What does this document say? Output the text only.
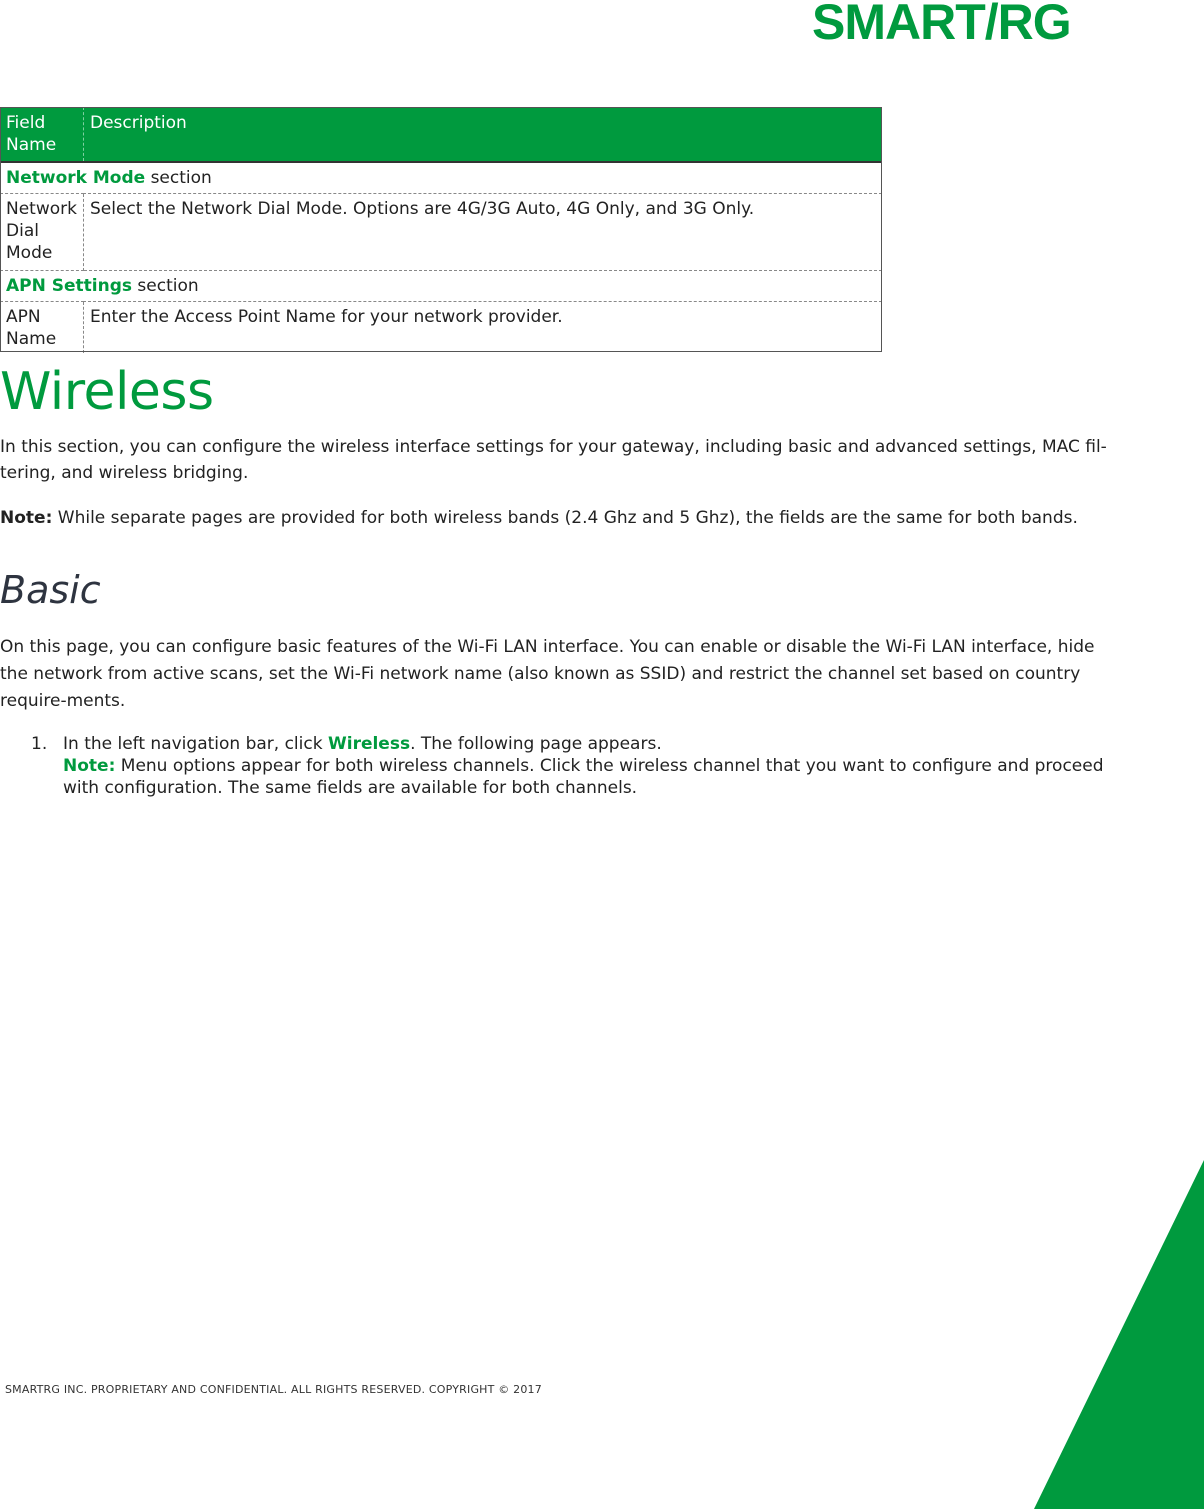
SMART/RG
Field Name	Description
Network Mode section	
Network Dial Mode	Select the Network Dial Mode. Options are 4G/3G Auto, 4G Only, and 3G Only.
APN Settings section	
APN Name	Enter the Access Point Name for your network provider.
Wireless

In this section, you can configure the wireless interface settings for your gateway, including basic and advanced settings, MAC fil-tering, and wireless bridging.

Note: While separate pages are provided for both wireless bands (2.4 Ghz and 5 Ghz), the fields are the same for both bands.

Basic

On this page, you can configure basic features of the Wi-Fi LAN interface. You can enable or disable the Wi-Fi LAN interface, hide the network from active scans, set the Wi-Fi network name (also known as SSID) and restrict the channel set based on country require-ments.

1. In the left navigation bar, click Wireless. The following page appears.
Note: Menu options appear for both wireless channels. Click the wireless channel that you want to configure and proceed with configuration. The same fields are available for both channels.
SMARTRG INC. PROPRIETARY AND CONFIDENTIAL. ALL RIGHTS RESERVED. COPYRIGHT © 2017
